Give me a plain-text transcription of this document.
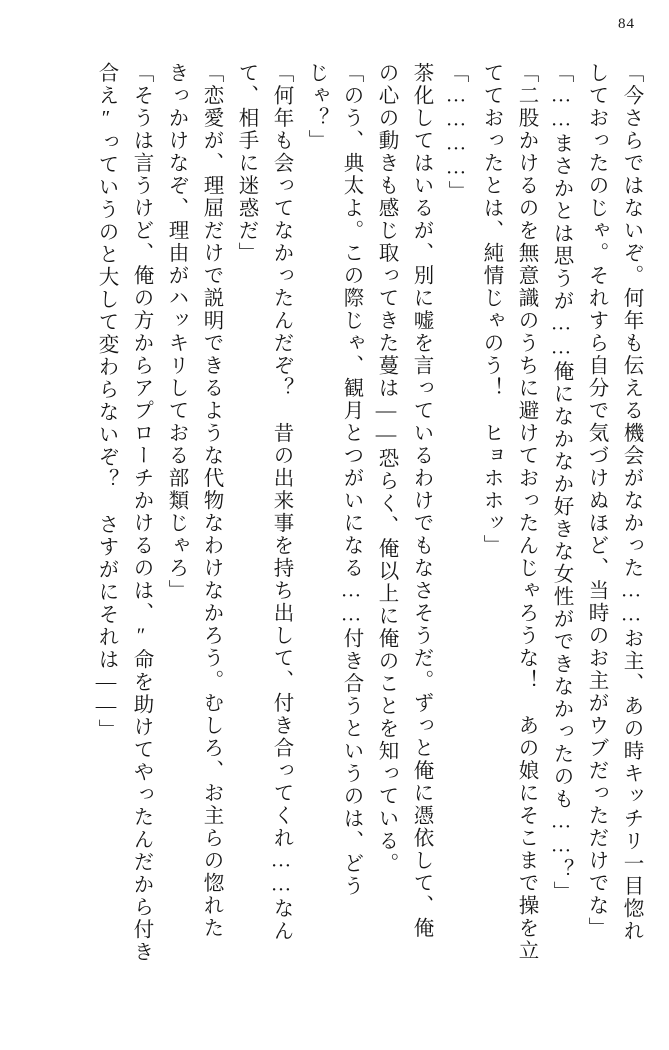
84
「今さらではないぞ。何年も伝える機会がなかった……お主、あの時キッチリ一目惚れ
しておったのじゃ。それすら自分で気づけぬほど、当時のお主がウブだっただけでな」
「……まさかとは思うが……俺になかなか好きな女性ができなかったのも……？」
「二股かけるのを無意識のうちに避けておったんじゃろうな！　あの娘にそこまで操を立
てておったとは、純情じゃのう！　ヒョホホッ」
「…………」
茶化してはいるが、別に嘘を言っているわけでもなさそうだ。ずっと俺に憑依して、俺
の心の動きも感じ取ってきた蔓は――恐らく、俺以上に俺のことを知っている。
「のう、典太よ。この際じゃ、観月とつがいになる……付き合うというのは、どう
じゃ？」
「何年も会ってなかったんだぞ？　昔の出来事を持ち出して、付き合ってくれ……なん
て、相手に迷惑だ」
「恋愛が、理屈だけで説明できるような代物なわけなかろう。むしろ、お主らの惚れた
きっかけなぞ、理由がハッキリしておる部類じゃろ」
「そうは言うけど、俺の方からアプローチかけるのは、″命を助けてやったんだから付き
合え″っていうのと大して変わらないぞ？　さすがにそれは――」
